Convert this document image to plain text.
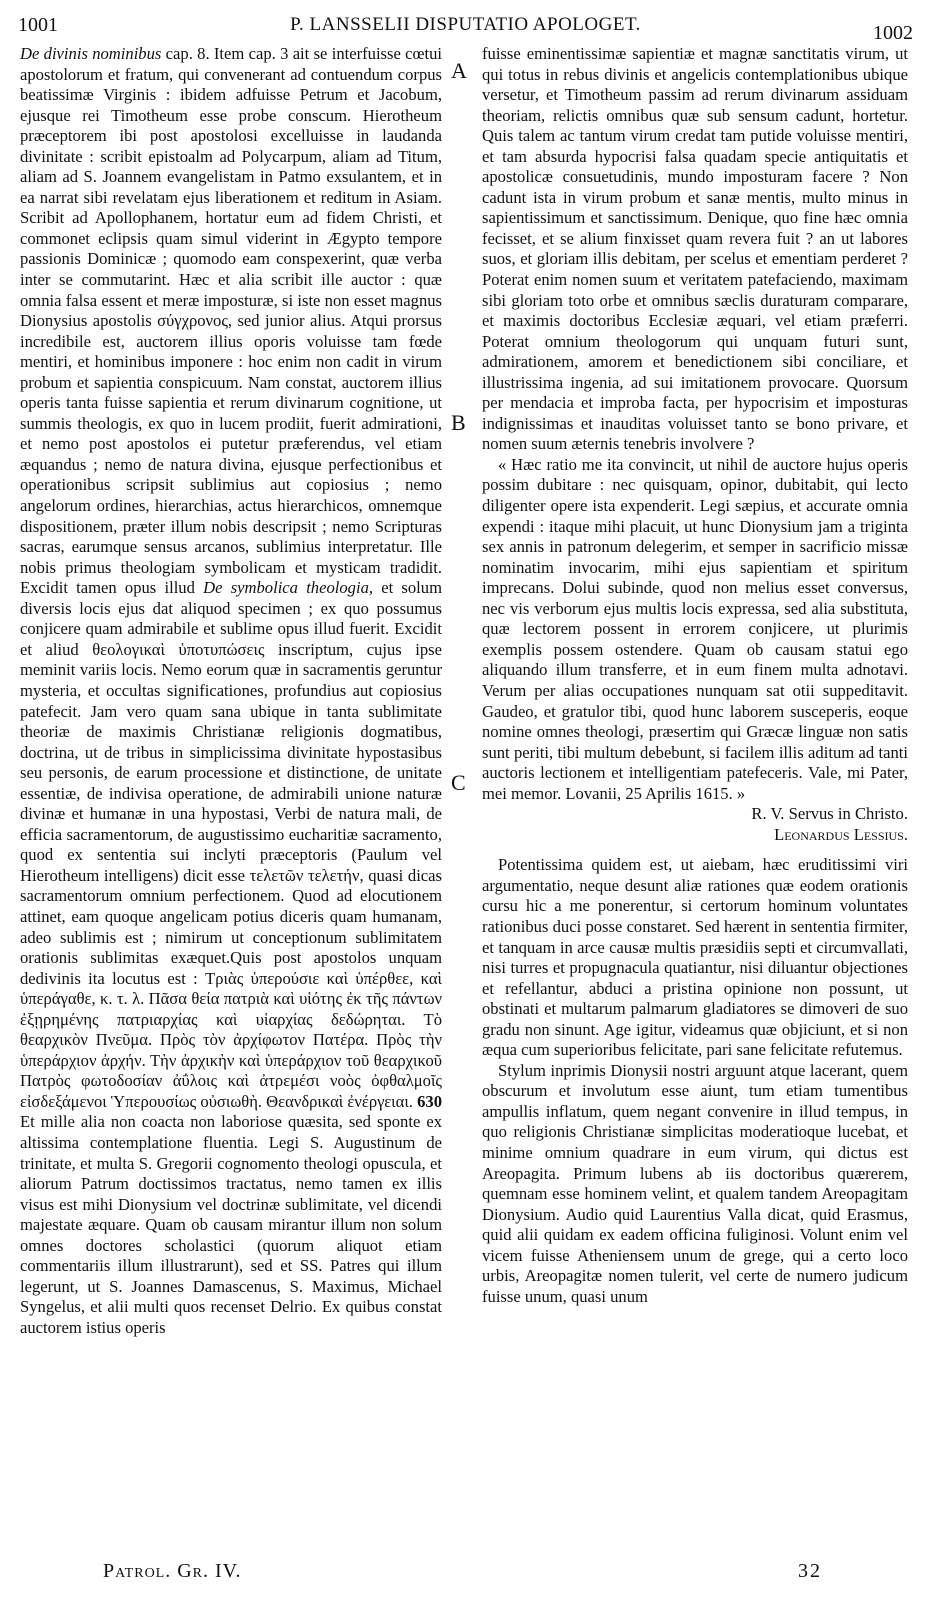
1001	P. LANSSELII DISPUTATIO APOLOGET.	1002

De divinis nominibus cap. 8. Item cap. 3 ait se interfuisse cœtui apostolorum et fratum, qui convenerant ad contuendum corpus beatissimæ Virginis : ibidem adfuisse Petrum et Jacobum, ejusque rei Timotheum esse probe conscum. Hierotheum præceptorem ibi post apostolosi excelluisse in laudanda divinitate : scribit epistoalm ad Polycarpum, aliam ad Titum, aliam ad S. Joannem evangelistam in Patmo exsulantem, et in ea narrat sibi revelatam ejus liberationem et reditum in Asiam. Scribit ad Apollophanem, hortatur eum ad fidem Christi, et commonet eclipsis quam simul viderint in Ægypto tempore passionis Dominicæ ; quomodo eam conspexerint, quæ verba inter se commutarint. Hæc et alia scribit ille auctor : quæ omnia falsa essent et meræ imposturæ, si iste non esset magnus Dionysius apostolis σύγχρονος, sed junior alius. Atqui prorsus incredibile est, auctorem illius oporis voluisse tam fœde mentiri, et hominibus imponere : hoc enim non cadit in virum probum et sapientia conspicuum. Nam constat, auctorem illius operis tanta fuisse sapientia et rerum divinarum cognitione, ut summis theologis, ex quo in lucem prodiit, fuerit admirationi, et nemo post apostolos ei putetur præferendus, vel etiam æquandus ; nemo de natura divina, ejusque perfectionibus et operationibus scripsit sublimius aut copiosius ; nemo angelorum ordines, hierarchias, actus hierarchicos, omnemque dispositionem, præter illum nobis descripsit ; nemo Scripturas sacras, earumque sensus arcanos, sublimius interpretatur. Ille nobis primus theologiam symbolicam et mysticam tradidit. Excidit tamen opus illud De symbolica theologia, et solum diversis locis ejus dat aliquod specimen ; ex quo possumus conjicere quam admirabile et sublime opus illud fuerit. Excidit et aliud θεολογικαὶ ὑποτυπώσεις inscriptum, cujus ipse meminit variis locis. Nemo eorum quæ in sacramentis geruntur mysteria, et occultas significationes, profundius aut copiosius patefecit. Jam vero quam sana ubique in tanta sublimitate theoriæ de maximis Christianæ religionis dogmatibus, doctrina, ut de tribus in simplicissima divinitate hypostasibus seu personis, de earum processione et distinctione, de unitate essentiæ, de indivisa operatione, de admirabili unione naturæ divinæ et humanæ in una hypostasi, Verbi de natura mali, de efficia sacramentorum, de augustissimo eucharitiæ sacramento, quod ex sententia sui inclyti præceptoris (Paulum vel Hierotheum intelligens) dicit esse τελετῶν τελετήν, quasi dicas sacramentorum omnium perfectionem. Quod ad elocutionem attinet, eam quoque angelicam potius diceris quam humanam, adeo sublimis est ; nimirum ut conceptionum sublimitatem orationis sublimitas exæquet.Quis post apostolos unquam dedivinis ita locutus est : Τριὰς ὑπερούσιε καὶ ὑπέρθεε, καὶ ὑπεράγαθε, κ. τ. λ. Πᾶσα θεία πατριὰ καὶ υἱότης ἐκ τῆς πάντων ἐξῃρημένης πατριαρχίας καὶ υἱαρχίας δεδώρηται. Τὸ θεαρχικὸν Πνεῦμα. Πρὸς τὸν ἀρχίφωτον Πατέρα. Πρὸς τὴν ὑπεράρχιον ἀρχήν. Τὴν ἀρχικὴν καὶ ὑπεράρχιον τοῦ θεαρχικοῦ Πατρὸς φωτοδοσίαν ἀΰλοις καὶ ἀτρεμέσι νοὸς ὀφθαλμοῖς εἰσδεξάμενοι Ὑπερουσίως οὐσιωθὴ. Θεανδρικαὶ ἐνέργειαι. 630 Et mille alia non coacta non laboriose quæsita, sed sponte ex altissima contemplatione fluentia. Legi S. Augustinum de trinitate, et multa S. Gregorii cognomento theologi opuscula, et aliorum Patrum doctissimos tractatus, nemo tamen ex illis visus est mihi Dionysium vel doctrinæ sublimitate, vel dicendi majestate æquare. Quam ob causam mirantur illum non solum omnes doctores scholastici (quorum aliquot etiam commentariis illum illustrarunt), sed et SS. Patres qui illum legerunt, ut S. Joannes Damascenus, S. Maximus, Michael Syngelus, et alii multi quos recenset Delrio. Ex quibus constat auctorem istius operis

A
B
C

fuisse eminentissimæ sapientiæ et magnæ sanctitatis virum, ut qui totus in rebus divinis et angelicis contemplationibus ubique versetur, et Timotheum passim ad rerum divinarum assiduam theoriam, relictis omnibus quæ sub sensum cadunt, hortetur. Quis talem ac tantum virum credat tam putide voluisse mentiri, et tam absurda hypocrisi falsa quadam specie antiquitatis et apostolicæ consuetudinis, mundo imposturam facere ? Non cadunt ista in virum probum et sanæ mentis, multo minus in sapientissimum et sanctissimum. Denique, quo fine hæc omnia fecisset, et se alium finxisset quam revera fuit ? an ut labores suos, et gloriam illis debitam, per scelus et ementiam perderet ? Poterat enim nomen suum et veritatem patefaciendo, maximam sibi gloriam toto orbe et omnibus sæclis duraturam comparare, et maximis doctoribus Ecclesiæ æquari, vel etiam præferri. Poterat omnium theologorum qui unquam futuri sunt, admirationem, amorem et benedictionem sibi conciliare, et illustrissima ingenia, ad sui imitationem provocare. Quorsum per mendacia et improba facta, per hypocrisim et imposturas indignissimas et inauditas voluisset tanto se bono privare, et nomen suum æternis tenebris involvere ?

« Hæc ratio me ita convincit, ut nihil de auctore hujus operis possim dubitare : nec quisquam, opinor, dubitabit, qui lecto diligenter opere ista expenderit. Legi sæpius, et accurate omnia expendi : itaque mihi placuit, ut hunc Dionysium jam a triginta sex annis in patronum delegerim, et semper in sacrificio missæ nominatim invocarim, mihi ejus sapientiam et spiritum imprecans. Dolui subinde, quod non melius esset conversus, nec vis verborum ejus multis locis expressa, sed alia substituta, quæ lectorem possent in errorem conjicere, ut plurimis exemplis possem ostendere. Quam ob causam statui ego aliquando illum transferre, et in eum finem multa adnotavi. Verum per alias occupationes nunquam sat otii suppeditavit. Gaudeo, et gratulor tibi, quod hunc laborem susceperis, eoque nomine omnes theologi, præsertim qui Græcæ linguæ non satis sunt periti, tibi multum debebunt, si facilem illis aditum ad tanti auctoris lectionem et intelligentiam patefeceris. Vale, mi Pater, mei memor. Lovanii, 25 Aprilis 1615. »

R. V. Servus in Christo.

Leonardus Lessius.

Potentissima quidem est, ut aiebam, hæc eruditissimi viri argumentatio, neque desunt aliæ rationes quæ eodem orationis cursu hic a me ponerentur, si certorum hominum voluntates rationibus duci posse constaret. Sed hærent in sententia firmiter, et tanquam in arce causæ multis præsidiis septi et circumvallati, nisi turres et propugnacula quatiantur, nisi diluantur objectiones et refellantur, abduci a pristina opinione non possunt, ut obstinati et multarum palmarum gladiatores se dimoveri de suo gradu non sinunt. Age igitur, videamus quæ objiciunt, et si non æqua cum superioribus felicitate, pari sane felicitate refutemus.

Stylum inprimis Dionysii nostri arguunt atque lacerant, quem obscurum et involutum esse aiunt, tum etiam tumentibus ampullis inflatum, quem negant convenire in illud tempus, in quo religionis Christianæ simplicitas moderatioque lucebat, et minime omnium quadrare in eum virum, qui dictus est Areopagita. Primum lubens ab iis doctoribus quærerem, quemnam esse hominem velint, et qualem tandem Areopagitam Dionysium. Audio quid Laurentius Valla dicat, quid Erasmus, quid alii quidam ex eadem officina fuliginosi. Volunt enim vel vicem fuisse Atheniensem unum de grege, qui a certo loco urbis, Areopagitæ nomen tulerit, vel certe de numero judicum fuisse unum, quasi unum

Patrol. Gr. IV.	32
